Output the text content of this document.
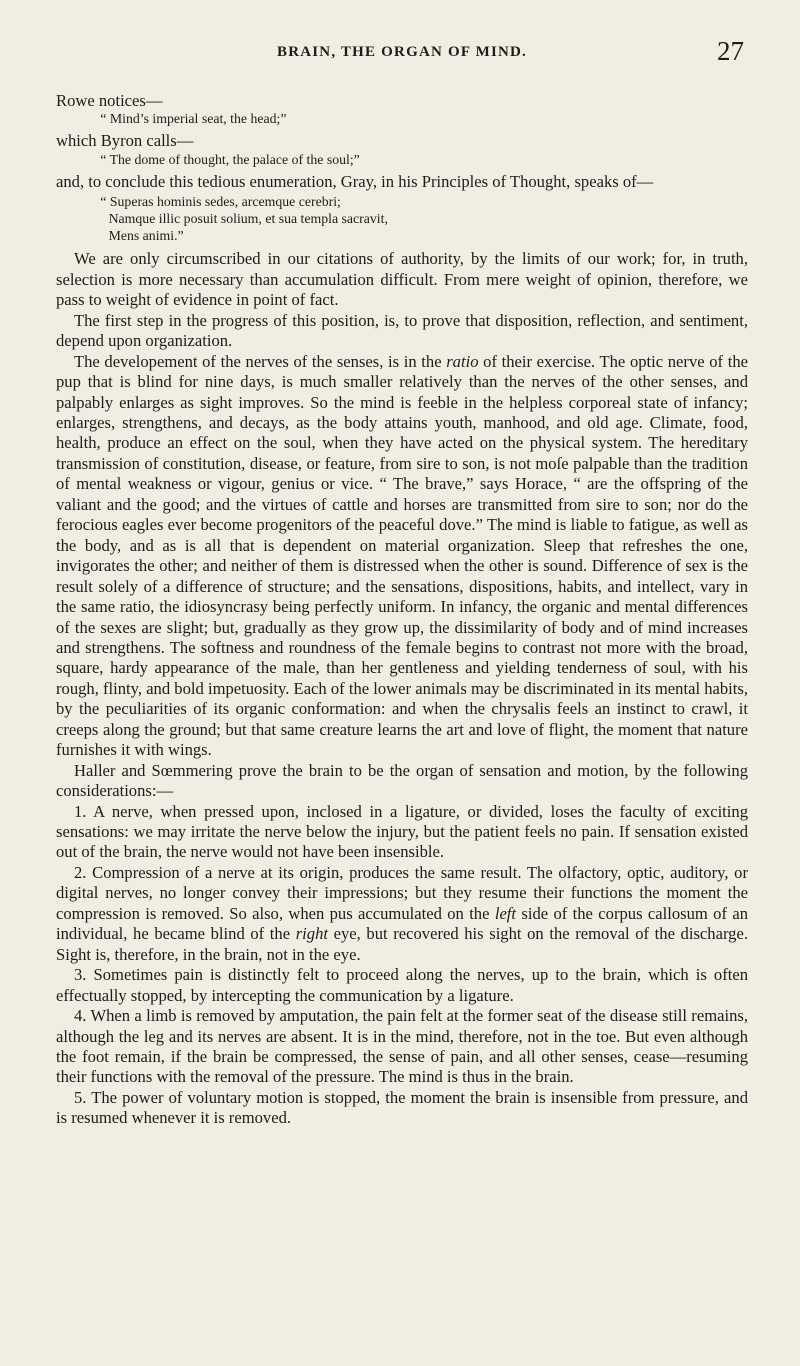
BRAIN, THE ORGAN OF MIND.	27

Rowe notices—

“ Mind’s imperial seat, the head;”

which Byron calls—

“ The dome of thought, the palace of the soul;”

and, to conclude this tedious enumeration, Gray, in his Principles of Thought, speaks of—

“ Superas hominis sedes, arcemque cerebri;

Namque illic posuit solium, et sua templa sacravit,

Mens animi.”

We are only circumscribed in our citations of authority, by the limits of our work; for, in truth, selection is more necessary than accumulation difficult. From mere weight of opinion, therefore, we pass to weight of evidence in point of fact.

The first step in the progress of this position, is, to prove that disposition, reflection, and sentiment, depend upon organization.

The developement of the nerves of the senses, is in the ratio of their exercise. The optic nerve of the pup that is blind for nine days, is much smaller relatively than the nerves of the other senses, and palpably enlarges as sight improves. So the mind is feeble in the helpless corporeal state of infancy; enlarges, strengthens, and decays, as the body attains youth, manhood, and old age. Climate, food, health, produce an effect on the soul, when they have acted on the physical system. The hereditary transmission of constitution, disease, or feature, from sire to son, is not moſe palpable than the tradition of mental weakness or vigour, genius or vice. “ The brave,” says Horace, “ are the offspring of the valiant and the good; and the virtues of cattle and horses are transmitted from sire to son; nor do the ferocious eagles ever become progenitors of the peaceful dove.” The mind is liable to fatigue, as well as the body, and as is all that is dependent on material organization. Sleep that refreshes the one, invigorates the other; and neither of them is distressed when the other is sound. Difference of sex is the result solely of a difference of structure; and the sensations, dispositions, habits, and intellect, vary in the same ratio, the idiosyncrasy being perfectly uniform. In infancy, the organic and mental differences of the sexes are slight; but, gradually as they grow up, the dissimilarity of body and of mind increases and strengthens. The softness and roundness of the female begins to contrast not more with the broad, square, hardy appearance of the male, than her gentleness and yielding tenderness of soul, with his rough, flinty, and bold impetuosity. Each of the lower animals may be discriminated in its mental habits, by the peculiarities of its organic conformation: and when the chrysalis feels an instinct to crawl, it creeps along the ground; but that same creature learns the art and love of flight, the moment that nature furnishes it with wings.

Haller and Sœmmering prove the brain to be the organ of sensation and motion, by the following considerations:—

1. A nerve, when pressed upon, inclosed in a ligature, or divided, loses the faculty of exciting sensations: we may irritate the nerve below the injury, but the patient feels no pain. If sensation existed out of the brain, the nerve would not have been insensible.

2. Compression of a nerve at its origin, produces the same result. The olfactory, optic, auditory, or digital nerves, no longer convey their impressions; but they resume their functions the moment the compression is removed. So also, when pus accumulated on the left side of the corpus callosum of an individual, he became blind of the right eye, but recovered his sight on the removal of the discharge. Sight is, therefore, in the brain, not in the eye.

3. Sometimes pain is distinctly felt to proceed along the nerves, up to the brain, which is often effectually stopped, by intercepting the communication by a ligature.

4. When a limb is removed by amputation, the pain felt at the former seat of the disease still remains, although the leg and its nerves are absent. It is in the mind, therefore, not in the toe. But even although the foot remain, if the brain be compressed, the sense of pain, and all other senses, cease—resuming their functions with the removal of the pressure. The mind is thus in the brain.

5. The power of voluntary motion is stopped, the moment the brain is insensible from pressure, and is resumed whenever it is removed.
